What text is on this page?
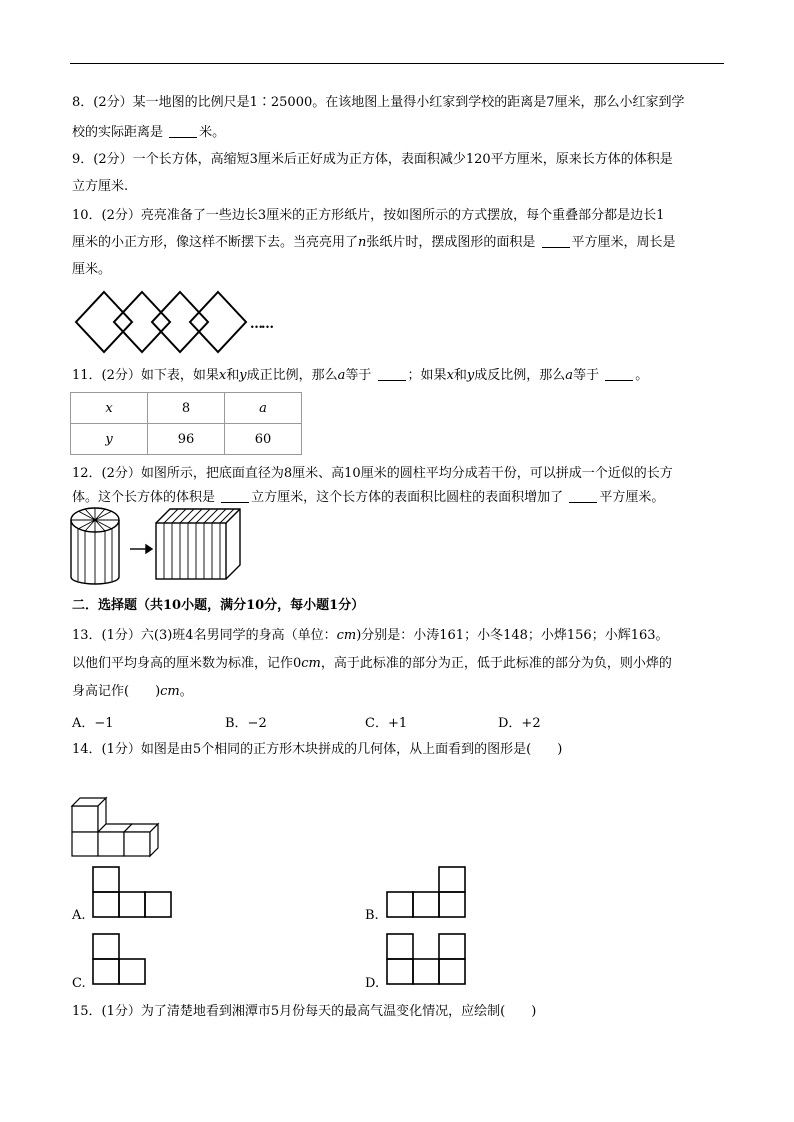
8．(2分）某一地图的比例尺是1∶25000。在该地图上量得小红家到学校的距离是7厘米，那么小红家到学
校的实际距离是	米。
9．(2分）一个长方体，高缩短3厘米后正好成为正方体，表面积减少120平方厘米，原来长方体的体积是
立方厘米.
10．(2分）亮亮准备了一些边长3厘米的正方形纸片，按如图所示的方式摆放，每个重叠部分都是边长1
厘米的小正方形，像这样不断摆下去。当亮亮用了n张纸片时，摆成图形的面积是	平方厘米，周长是
厘米。
……
11．(2分）如下表，如果x和y成正比例，那么a等于	；如果x和y成反比例，那么a等于	。
x	8	a
y	96	60
12．(2分）如图所示，把底面直径为8厘米、高10厘米的圆柱平均分成若干份，可以拼成一个近似的长方
体。这个长方体的体积是	立方厘米，这个长方体的表面积比圆柱的表面积增加了	平方厘米。
二．选择题（共10小题，满分10分，每小题1分）
13．(1分）六(3)班4名男同学的身高（单位：cm)分别是：小涛161；小冬148；小烨156；小辉163。
以他们平均身高的厘米数为标准，记作0cm，高于此标准的部分为正，低于此标准的部分为负，则小烨的
身高记作(　　)cm。
A．−1	B．−2	C．+1	D．+2
14．(1分）如图是由5个相同的正方形木块拼成的几何体，从上面看到的图形是(　　)
A.	B.
C.	D.
15．(1分）为了清楚地看到湘潭市5月份每天的最高气温变化情况，应绘制(　　)
